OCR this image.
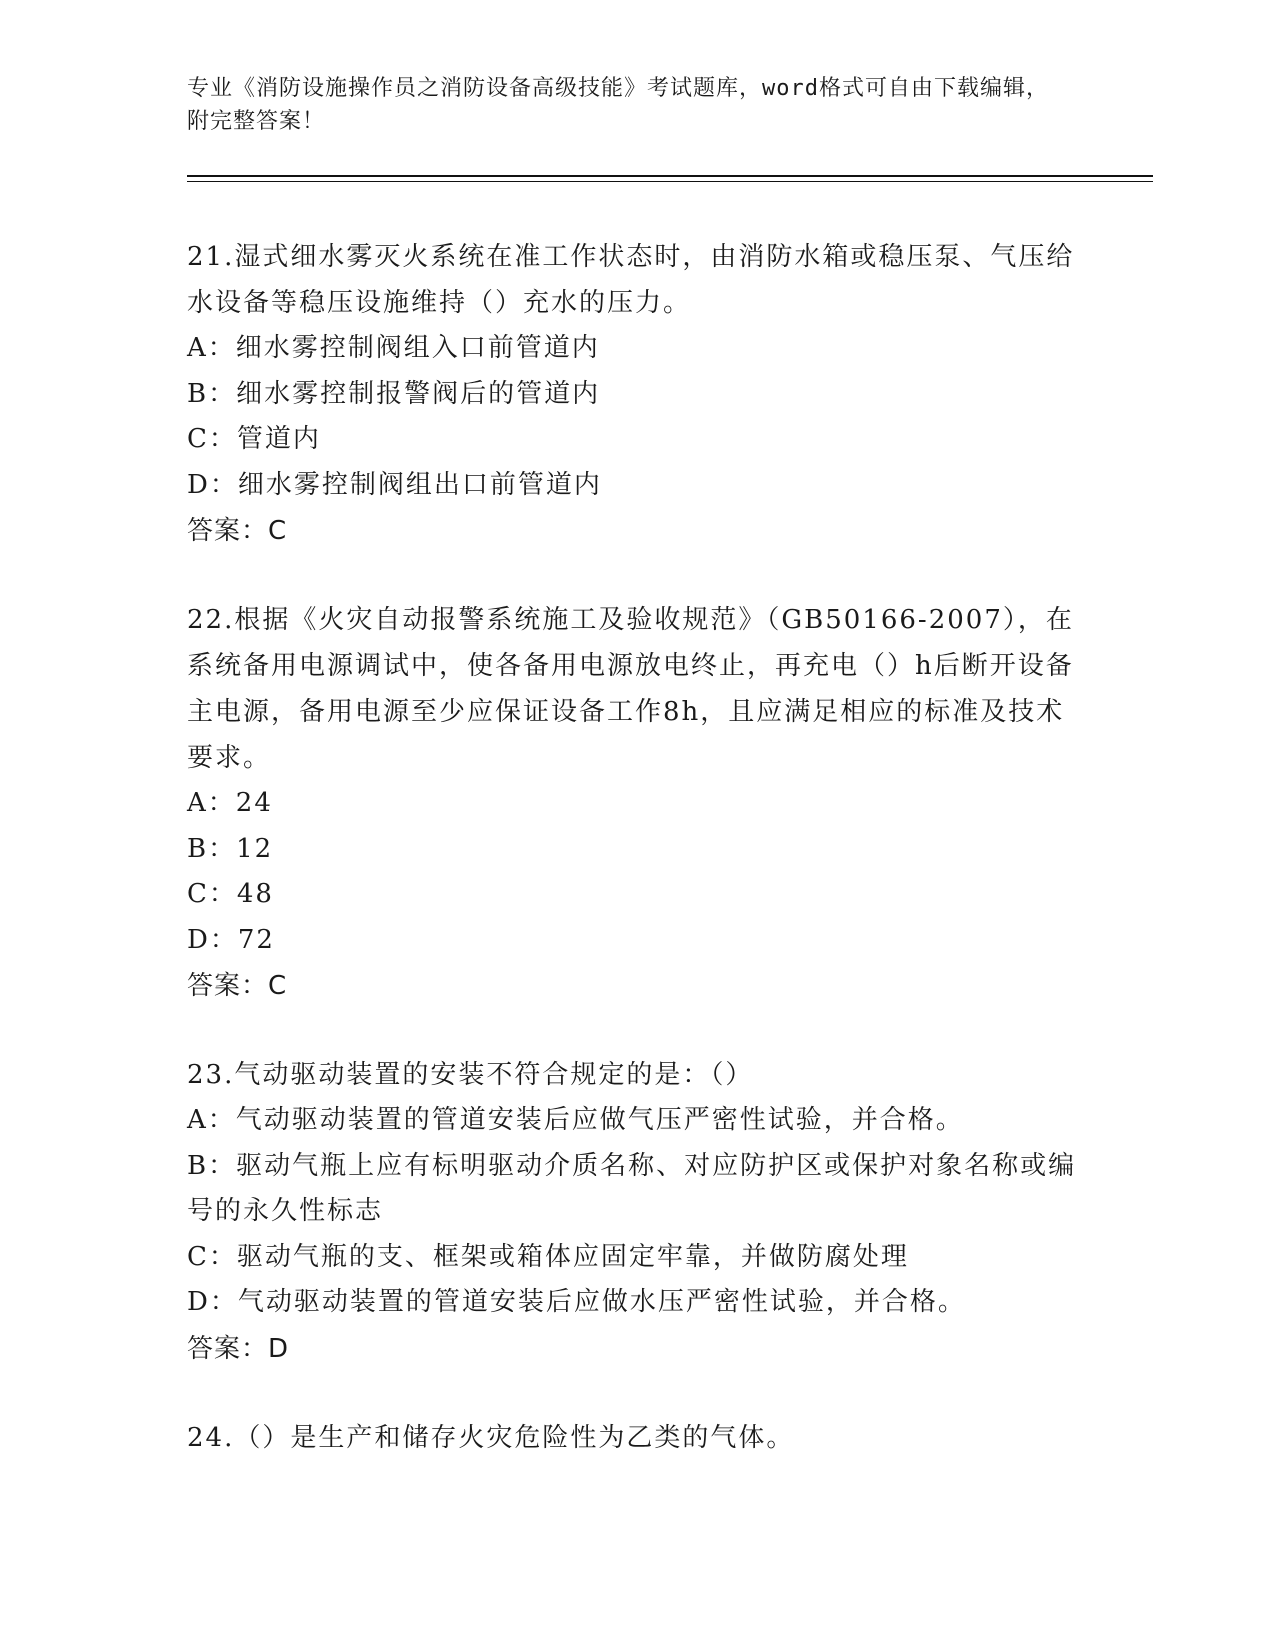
专业《消防设施操作员之消防设备高级技能》考试题库，word格式可自由下载编辑，附完整答案！
21.湿式细水雾灭火系统在准工作状态时，由消防水箱或稳压泵、气压给水设备等稳压设施维持（）充水的压力。
A：细水雾控制阀组入口前管道内
B：细水雾控制报警阀后的管道内
C：管道内
D：细水雾控制阀组出口前管道内
答案：C
22.根据《火灾自动报警系统施工及验收规范》（GB50166-2007），在系统备用电源调试中，使各备用电源放电终止，再充电（）h后断开设备主电源，备用电源至少应保证设备工作8h，且应满足相应的标准及技术要求。
A：24
B：12
C：48
D：72
答案：C
23.气动驱动装置的安装不符合规定的是：（）
A：气动驱动装置的管道安装后应做气压严密性试验，并合格。
B：驱动气瓶上应有标明驱动介质名称、对应防护区或保护对象名称或编号的永久性标志
C：驱动气瓶的支、框架或箱体应固定牢靠，并做防腐处理
D：气动驱动装置的管道安装后应做水压严密性试验，并合格。
答案：D
24.（）是生产和储存火灾危险性为乙类的气体。
